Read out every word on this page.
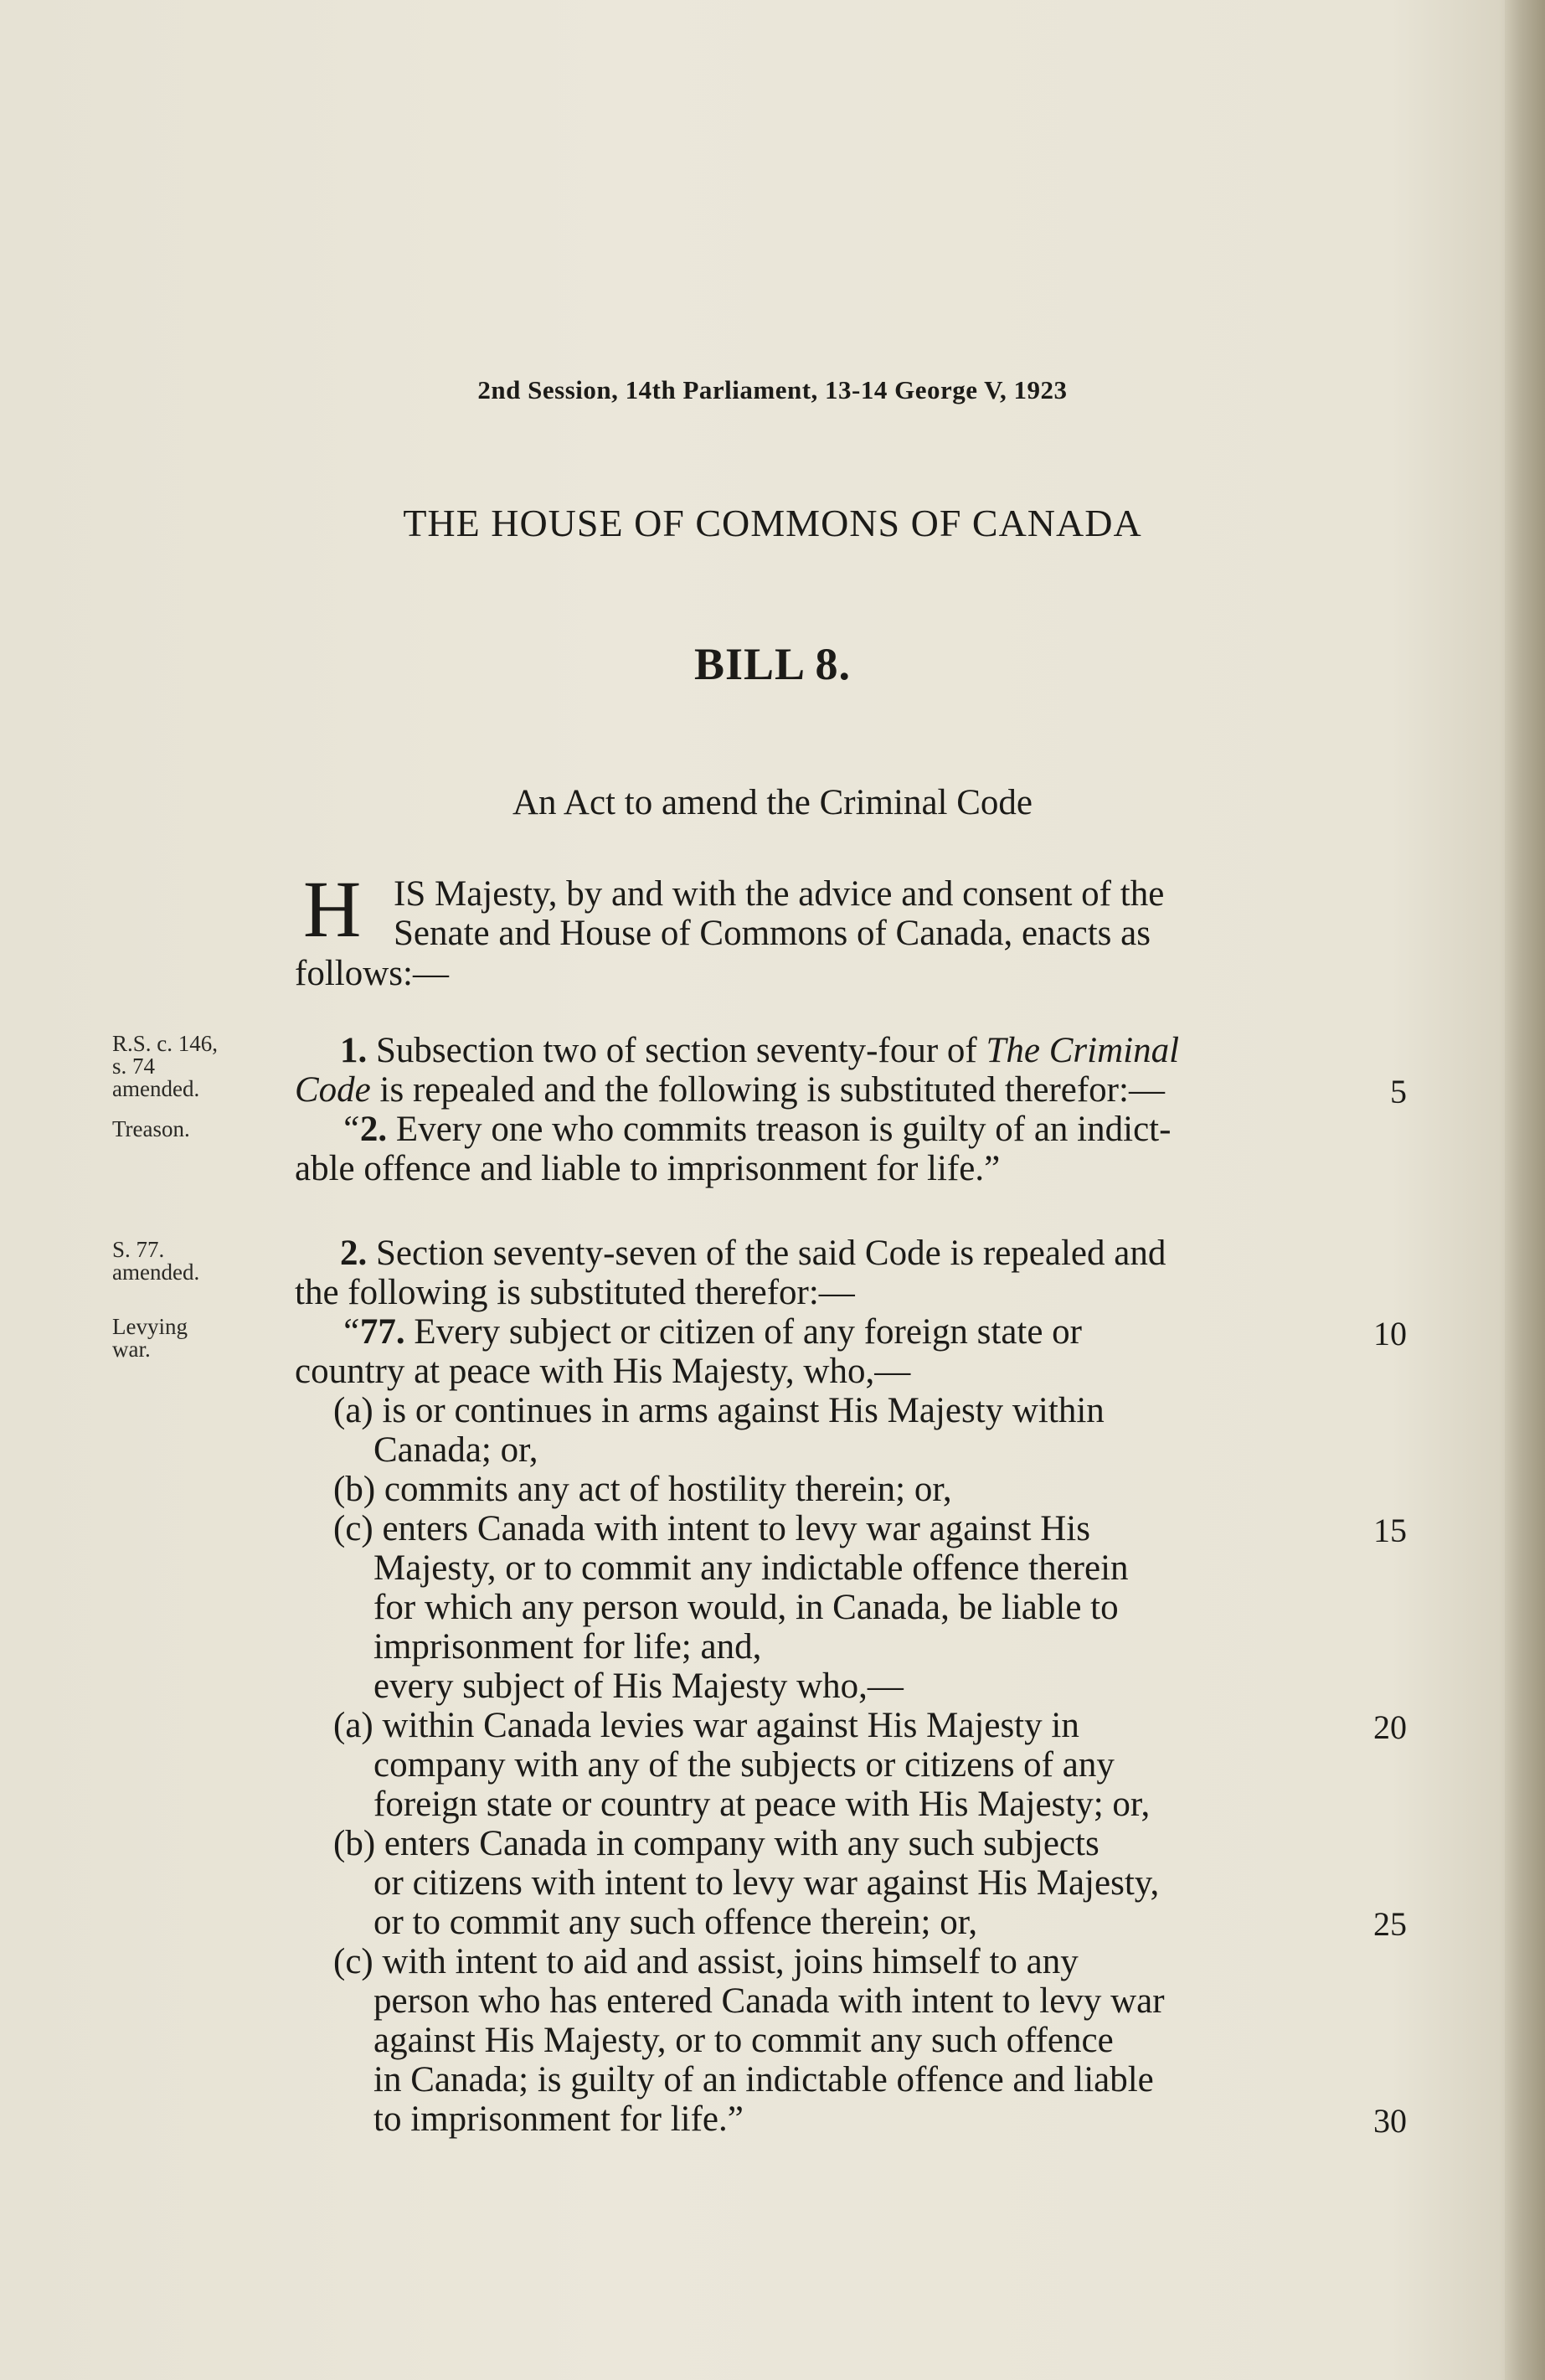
2nd Session, 14th Parliament, 13-14 George V, 1923
THE HOUSE OF COMMONS OF CANADA
BILL 8.
An Act to amend the Criminal Code
H IS Majesty, by and with the advice and consent of the
Senate and House of Commons of Canada, enacts as
follows:—
R.S. c. 146,
s. 74
amended.
Treason.
S. 77.
amended.
Levying
war.
1. Subsection two of section seventy-four of The Criminal
Code is repealed and the following is substituted therefor:—
“2. Every one who commits treason is guilty of an indict-
able offence and liable to imprisonment for life.”
2. Section seventy-seven of the said Code is repealed and
the following is substituted therefor:—
“77. Every subject or citizen of any foreign state or
country at peace with His Majesty, who,—
(a) is or continues in arms against His Majesty within
Canada; or,
(b) commits any act of hostility therein; or,
(c) enters Canada with intent to levy war against His
Majesty, or to commit any indictable offence therein
for which any person would, in Canada, be liable to
imprisonment for life; and,
every subject of His Majesty who,—
(a) within Canada levies war against His Majesty in
company with any of the subjects or citizens of any
foreign state or country at peace with His Majesty; or,
(b) enters Canada in company with any such subjects
or citizens with intent to levy war against His Majesty,
or to commit any such offence therein; or,
(c) with intent to aid and assist, joins himself to any
person who has entered Canada with intent to levy war
against His Majesty, or to commit any such offence
in Canada; is guilty of an indictable offence and liable
to imprisonment for life.”
5
10
15
20
25
30
